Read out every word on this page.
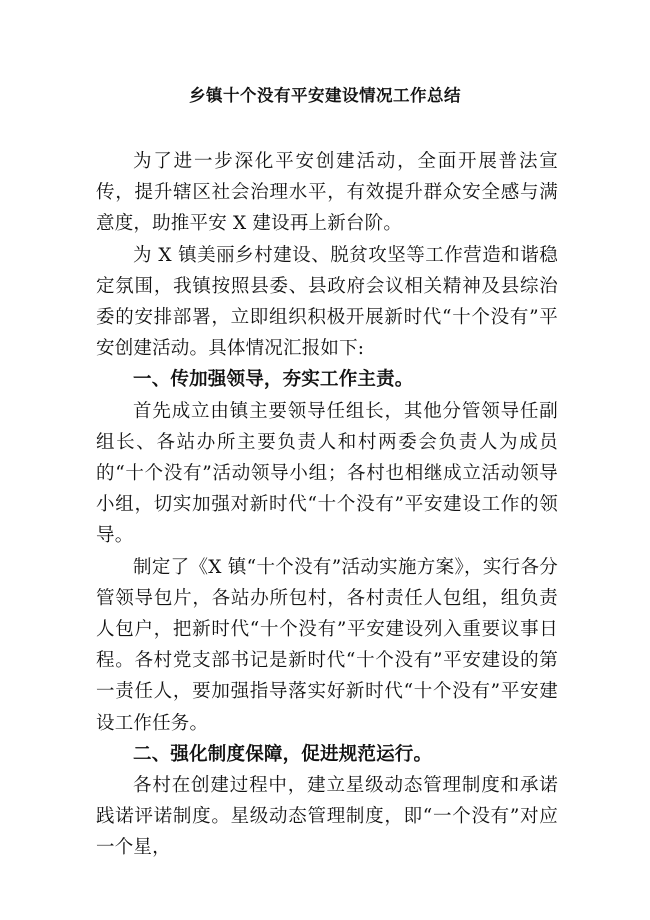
乡镇十个没有平安建设情况工作总结

为了进一步深化平安创建活动，全面开展普法宣传，提升辖区社会治理水平，有效提升群众安全感与满意度，助推平安 X 建设再上新台阶。

为 X 镇美丽乡村建设、脱贫攻坚等工作营造和谐稳定氛围，我镇按照县委、县政府会议相关精神及县综治委的安排部署，立即组织积极开展新时代“十个没有”平安创建活动。具体情况汇报如下:

一、传加强领导，夯实工作主责。

首先成立由镇主要领导任组长，其他分管领导任副组长、各站办所主要负责人和村两委会负责人为成员的“十个没有”活动领导小组；各村也相继成立活动领导小组，切实加强对新时代“十个没有”平安建设工作的领导。

制定了《X 镇“十个没有”活动实施方案》，实行各分管领导包片，各站办所包村，各村责任人包组，组负责人包户，把新时代“十个没有”平安建设列入重要议事日程。各村党支部书记是新时代“十个没有”平安建设的第一责任人，要加强指导落实好新时代“十个没有”平安建设工作任务。

二、强化制度保障，促进规范运行。

各村在创建过程中，建立星级动态管理制度和承诺践诺评诺制度。星级动态管理制度，即“一个没有”对应一个星，
